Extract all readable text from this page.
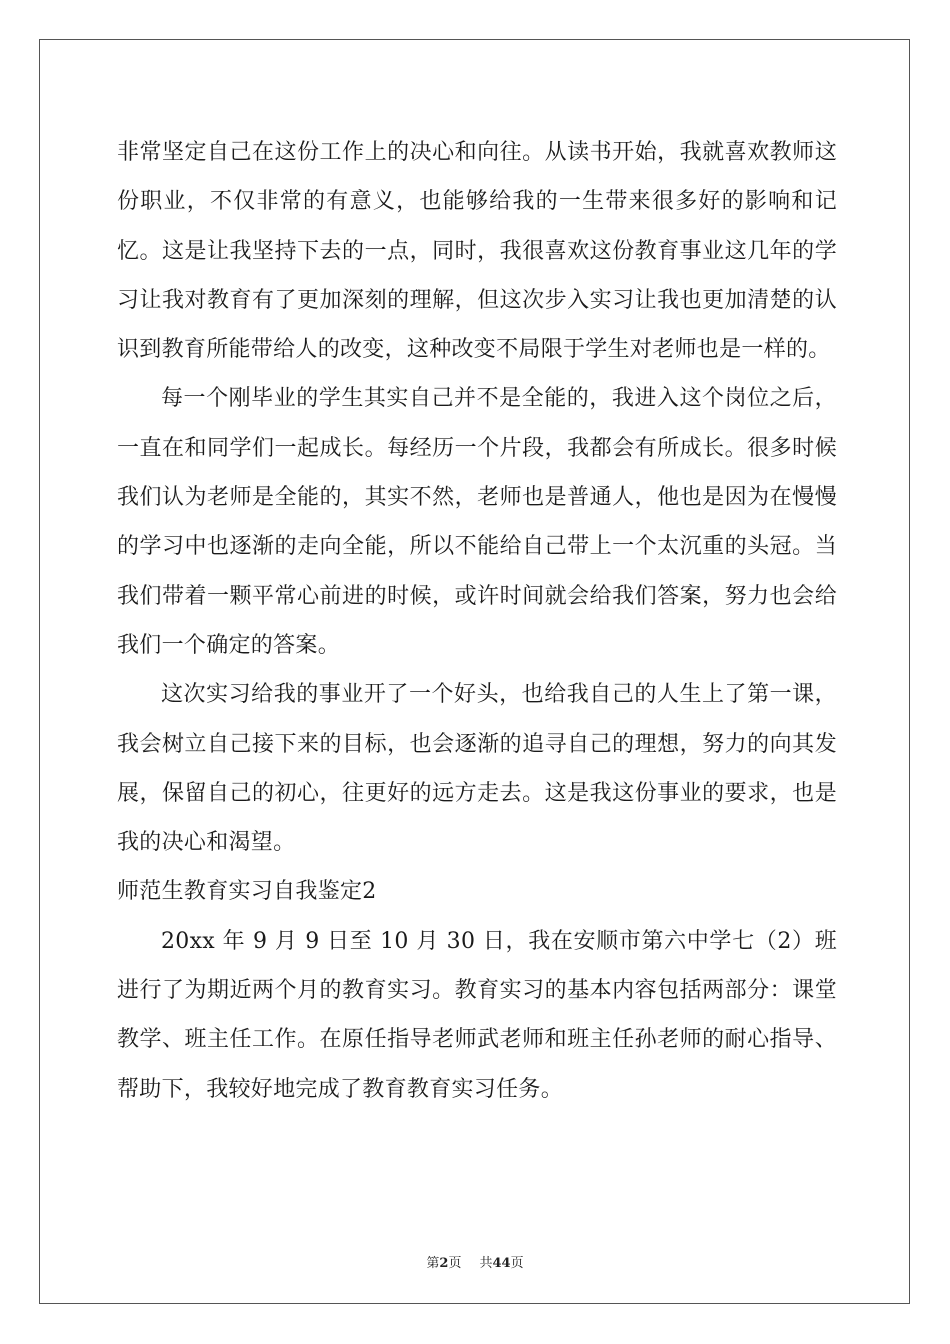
非常坚定自己在这份工作上的决心和向往。从读书开始，我就喜欢教师这份职业，不仅非常的有意义，也能够给我的一生带来很多好的影响和记忆。这是让我坚持下去的一点，同时，我很喜欢这份教育事业这几年的学习让我对教育有了更加深刻的理解，但这次步入实习让我也更加清楚的认识到教育所能带给人的改变，这种改变不局限于学生对老师也是一样的。

每一个刚毕业的学生其实自己并不是全能的，我进入这个岗位之后，一直在和同学们一起成长。每经历一个片段，我都会有所成长。很多时候我们认为老师是全能的，其实不然，老师也是普通人，他也是因为在慢慢的学习中也逐渐的走向全能，所以不能给自己带上一个太沉重的头冠。当我们带着一颗平常心前进的时候，或许时间就会给我们答案，努力也会给我们一个确定的答案。

这次实习给我的事业开了一个好头，也给我自己的人生上了第一课，我会树立自己接下来的目标，也会逐渐的追寻自己的理想，努力的向其发展，保留自己的初心，往更好的远方走去。这是我这份事业的要求，也是我的决心和渴望。

师范生教育实习自我鉴定2

20xx 年 9 月 9 日至 10 月 30 日，我在安顺市第六中学七（2）班进行了为期近两个月的教育实习。教育实习的基本内容包括两部分：课堂教学、班主任工作。在原任指导老师武老师和班主任孙老师的耐心指导、帮助下，我较好地完成了教育教育实习任务。

第2页 共44页
